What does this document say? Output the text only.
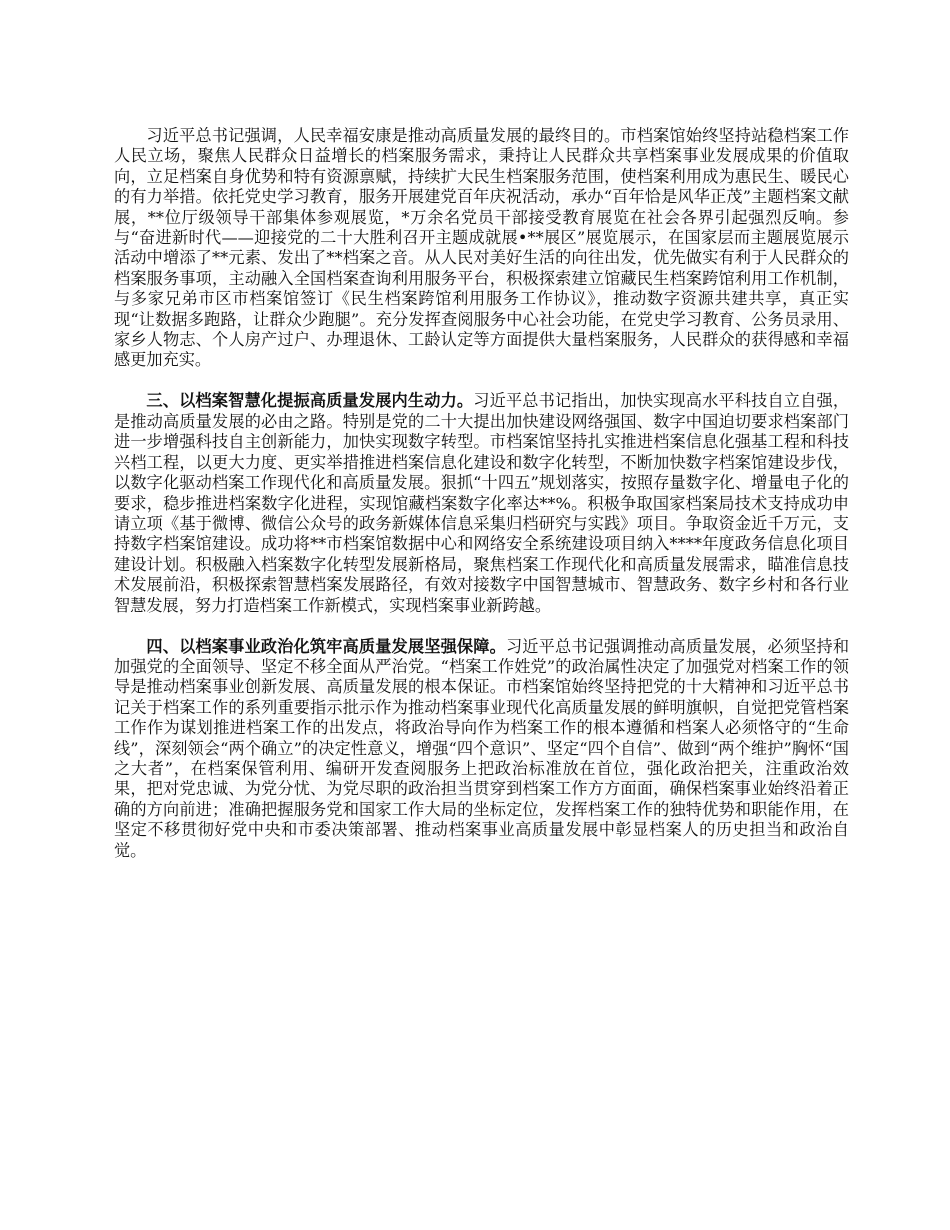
习近平总书记强调，人民幸福安康是推动高质量发展的最终目的。市档案馆始终坚持站稳档案工作人民立场，聚焦人民群众日益增长的档案服务需求，秉持让人民群众共享档案事业发展成果的价值取向，立足档案自身优势和特有资源禀赋，持续扩大民生档案服务范围，使档案利用成为惠民生、暖民心的有力举措。依托党史学习教育，服务开展建党百年庆祝活动，承办“百年恰是风华正茂”主题档案文献展，**位厅级领导干部集体参观展览，*万余名党员干部接受教育展览在社会各界引起强烈反响。参与“奋进新时代——迎接党的二十大胜利召开主题成就展•**展区”展览展示，在国家层而主题展览展示活动中增添了**元素、发出了**档案之音。从人民对美好生活的向往出发，优先做实有利于人民群众的档案服务事项，主动融入全国档案查询利用服务平台，积极探索建立馆藏民生档案跨馆利用工作机制，与多家兄弟市区市档案馆签订《民生档案跨馆利用服务工作协议》，推动数字资源共建共享，真正实现“让数据多跑路，让群众少跑腿”。充分发挥查阅服务中心社会功能，在党史学习教育、公务员录用、家乡人物志、个人房产过户、办理退休、工龄认定等方面提供大量档案服务，人民群众的获得感和幸福感更加充实。

三、以档案智慧化提振高质量发展内生动力。习近平总书记指出，加快实现高水平科技自立自强，是推动高质量发展的必由之路。特别是党的二十大提出加快建设网络强国、数字中国迫切要求档案部门进一步增强科技自主创新能力，加快实现数字转型。市档案馆坚持扎实推进档案信息化强基工程和科技兴档工程，以更大力度、更实举措推进档案信息化建设和数字化转型，不断加快数字档案馆建设步伐，以数字化驱动档案工作现代化和高质量发展。狠抓“十四五”规划落实，按照存量数字化、增量电子化的要求，稳步推进档案数字化进程，实现馆藏档案数字化率达**%。积极争取国家档案局技术支持成功申请立项《基于微博、微信公众号的政务新媒体信息采集归档研究与实践》项目。争取资金近千万元，支持数字档案馆建设。成功将**市档案馆数据中心和网络安全系统建设项目纳入****年度政务信息化项目建设计划。积极融入档案数字化转型发展新格局，聚焦档案工作现代化和高质量发展需求，瞄准信息技术发展前沿，积极探索智慧档案发展路径，有效对接数字中国智慧城市、智慧政务、数字乡村和各行业智慧发展，努力打造档案工作新模式，实现档案事业新跨越。

四、以档案事业政治化筑牢高质量发展坚强保障。习近平总书记强调推动高质量发展，必须坚持和加强党的全面领导、坚定不移全面从严治党。“档案工作姓党”的政治属性决定了加强党对档案工作的领导是推动档案事业创新发展、高质量发展的根本保证。市档案馆始终坚持把党的十大精神和习近平总书记关于档案工作的系列重要指示批示作为推动档案事业现代化高质量发展的鲜明旗帜，自觉把党管档案工作作为谋划推进档案工作的出发点，将政治导向作为档案工作的根本遵循和档案人必须恪守的“生命线”，深刻领会“两个确立”的决定性意义，增强“四个意识”、坚定“四个自信”、做到“两个维护”胸怀“国之大者”，在档案保管利用、编研开发查阅服务上把政治标准放在首位，强化政治把关，注重政治效果，把对党忠诚、为党分忧、为党尽职的政治担当贯穿到档案工作方方面面，确保档案事业始终沿着正确的方向前进；准确把握服务党和国家工作大局的坐标定位，发挥档案工作的独特优势和职能作用，在坚定不移贯彻好党中央和市委决策部署、推动档案事业高质量发展中彰显档案人的历史担当和政治自觉。
